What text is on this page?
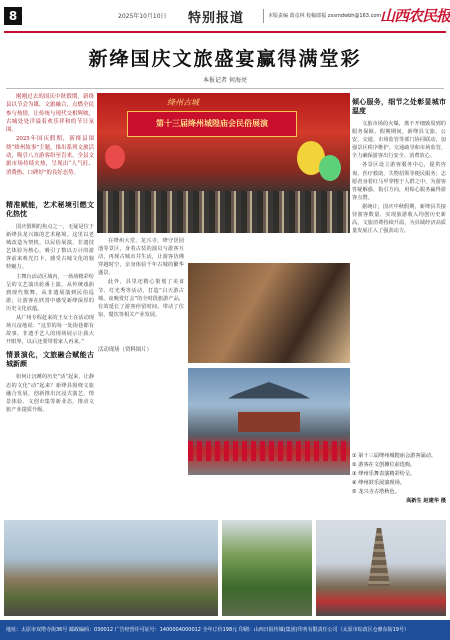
8	2025年10月10日 特别报道	本版责编 葛彦林 校稿郎福 zxsmdwbh@163.com
山西农民报
新绛国庆文旅盛宴赢得满堂彩
本报记者 何海亮

刚刚过去的国庆中秋假期，新绛县以节会为媒，文旅融合，点燃全民参与热情，让传统与现代交相辉映，古城处处洋溢着欢乐祥和的节日氛围。

2025年国庆假期，新绛县围绕“绛州故事”主题，推出系列文旅活动，吸引八方游客纷至沓来，全县文旅市场持续火热，呈现出“人气旺、消费热、口碑好”的良好态势。

精准赋能，艺术秘境引燃文化热忱

国庆假期的焦点之一，无疑是位于新绛县龙兴镇的艺术秘境。这里以老城改造为契机，以民俗展演、非遗技艺体验为核心，吸引了数以万计的游客前来观光打卡，感受古城文化的独特魅力。

主舞台活动区域内，一场场精彩纷呈的文艺演出轮番上演，从传统戏曲到现代歌舞，从非遗展演到民俗巡游，让游客在欣赏中感受新绛深厚的历史文化底蕴。

从广州专程赶来的王女士在活动现场兴奋地说：“这里的每一处街巷都有故事，非遗手艺人的现场展示让我大开眼界，以后还要带着家人再来。”

情景演化，文旅融合赋能古城新颜

如何让沉睡的历史“活”起来，让静态的文化“动”起来？新绛县围绕文旅融合发展，创新推出沉浸式演艺、情景体验、文创市集等新业态，推动文旅产业提质升级。

绛州古城
第十三届绛州城隍庙会民俗展演

在绛州大堂、龙兴寺、绛守居园池等景区，身着古装的演员与游客互动，再现古城市井生活，让游客仿佛穿越时空，亲身体验千年古城的繁华盛景。

此外，县里还精心策划了美食节、灯光秀等活动，打造“白天游古城、夜晚赏灯会”的全时段旅游产品，有效延长了游客停留时间，带动了住宿、餐饮等相关产业发展。

活动现场（资料图片）
倾心服务，细节之处彰显城市温度

文旅市场的火爆，离不开细致周到的服务保障。假期期间，新绛县文旅、公安、交通、市场监管等部门协同联动，加强景区秩序维护、交通疏导和市场监管，全力确保游客出行安全、消费放心。

各景区设立游客服务中心，提供咨询、医疗救助、失物招领等便民服务；志愿者身着红马甲穿梭于人群之中，为游客答疑解惑、指引方向，用贴心服务赢得游客点赞。

据统计，国庆中秋假期，新绛县共接待游客数量、实现旅游收入均创历史新高，文旅消费持续升温，为县域经济高质量发展注入了强劲动力。

① 第十三届绛州城隍庙会游客涌动。
② 游客在文创摊位前选购。
③ 绛州乐舞表演精彩纷呈。
④ 绛州鼓乐展演现场。
⑤ 龙兴寺古塔秋色。
高新生 赵建华 摄
地址：太原市双塔寺街36号 邮政编码：030012 广告经营许可证号：1400004000012 全年订价198元 印刷：山西日报传媒(集团)印务有限责任公司（太原市综改区仓鼎东街19号）
